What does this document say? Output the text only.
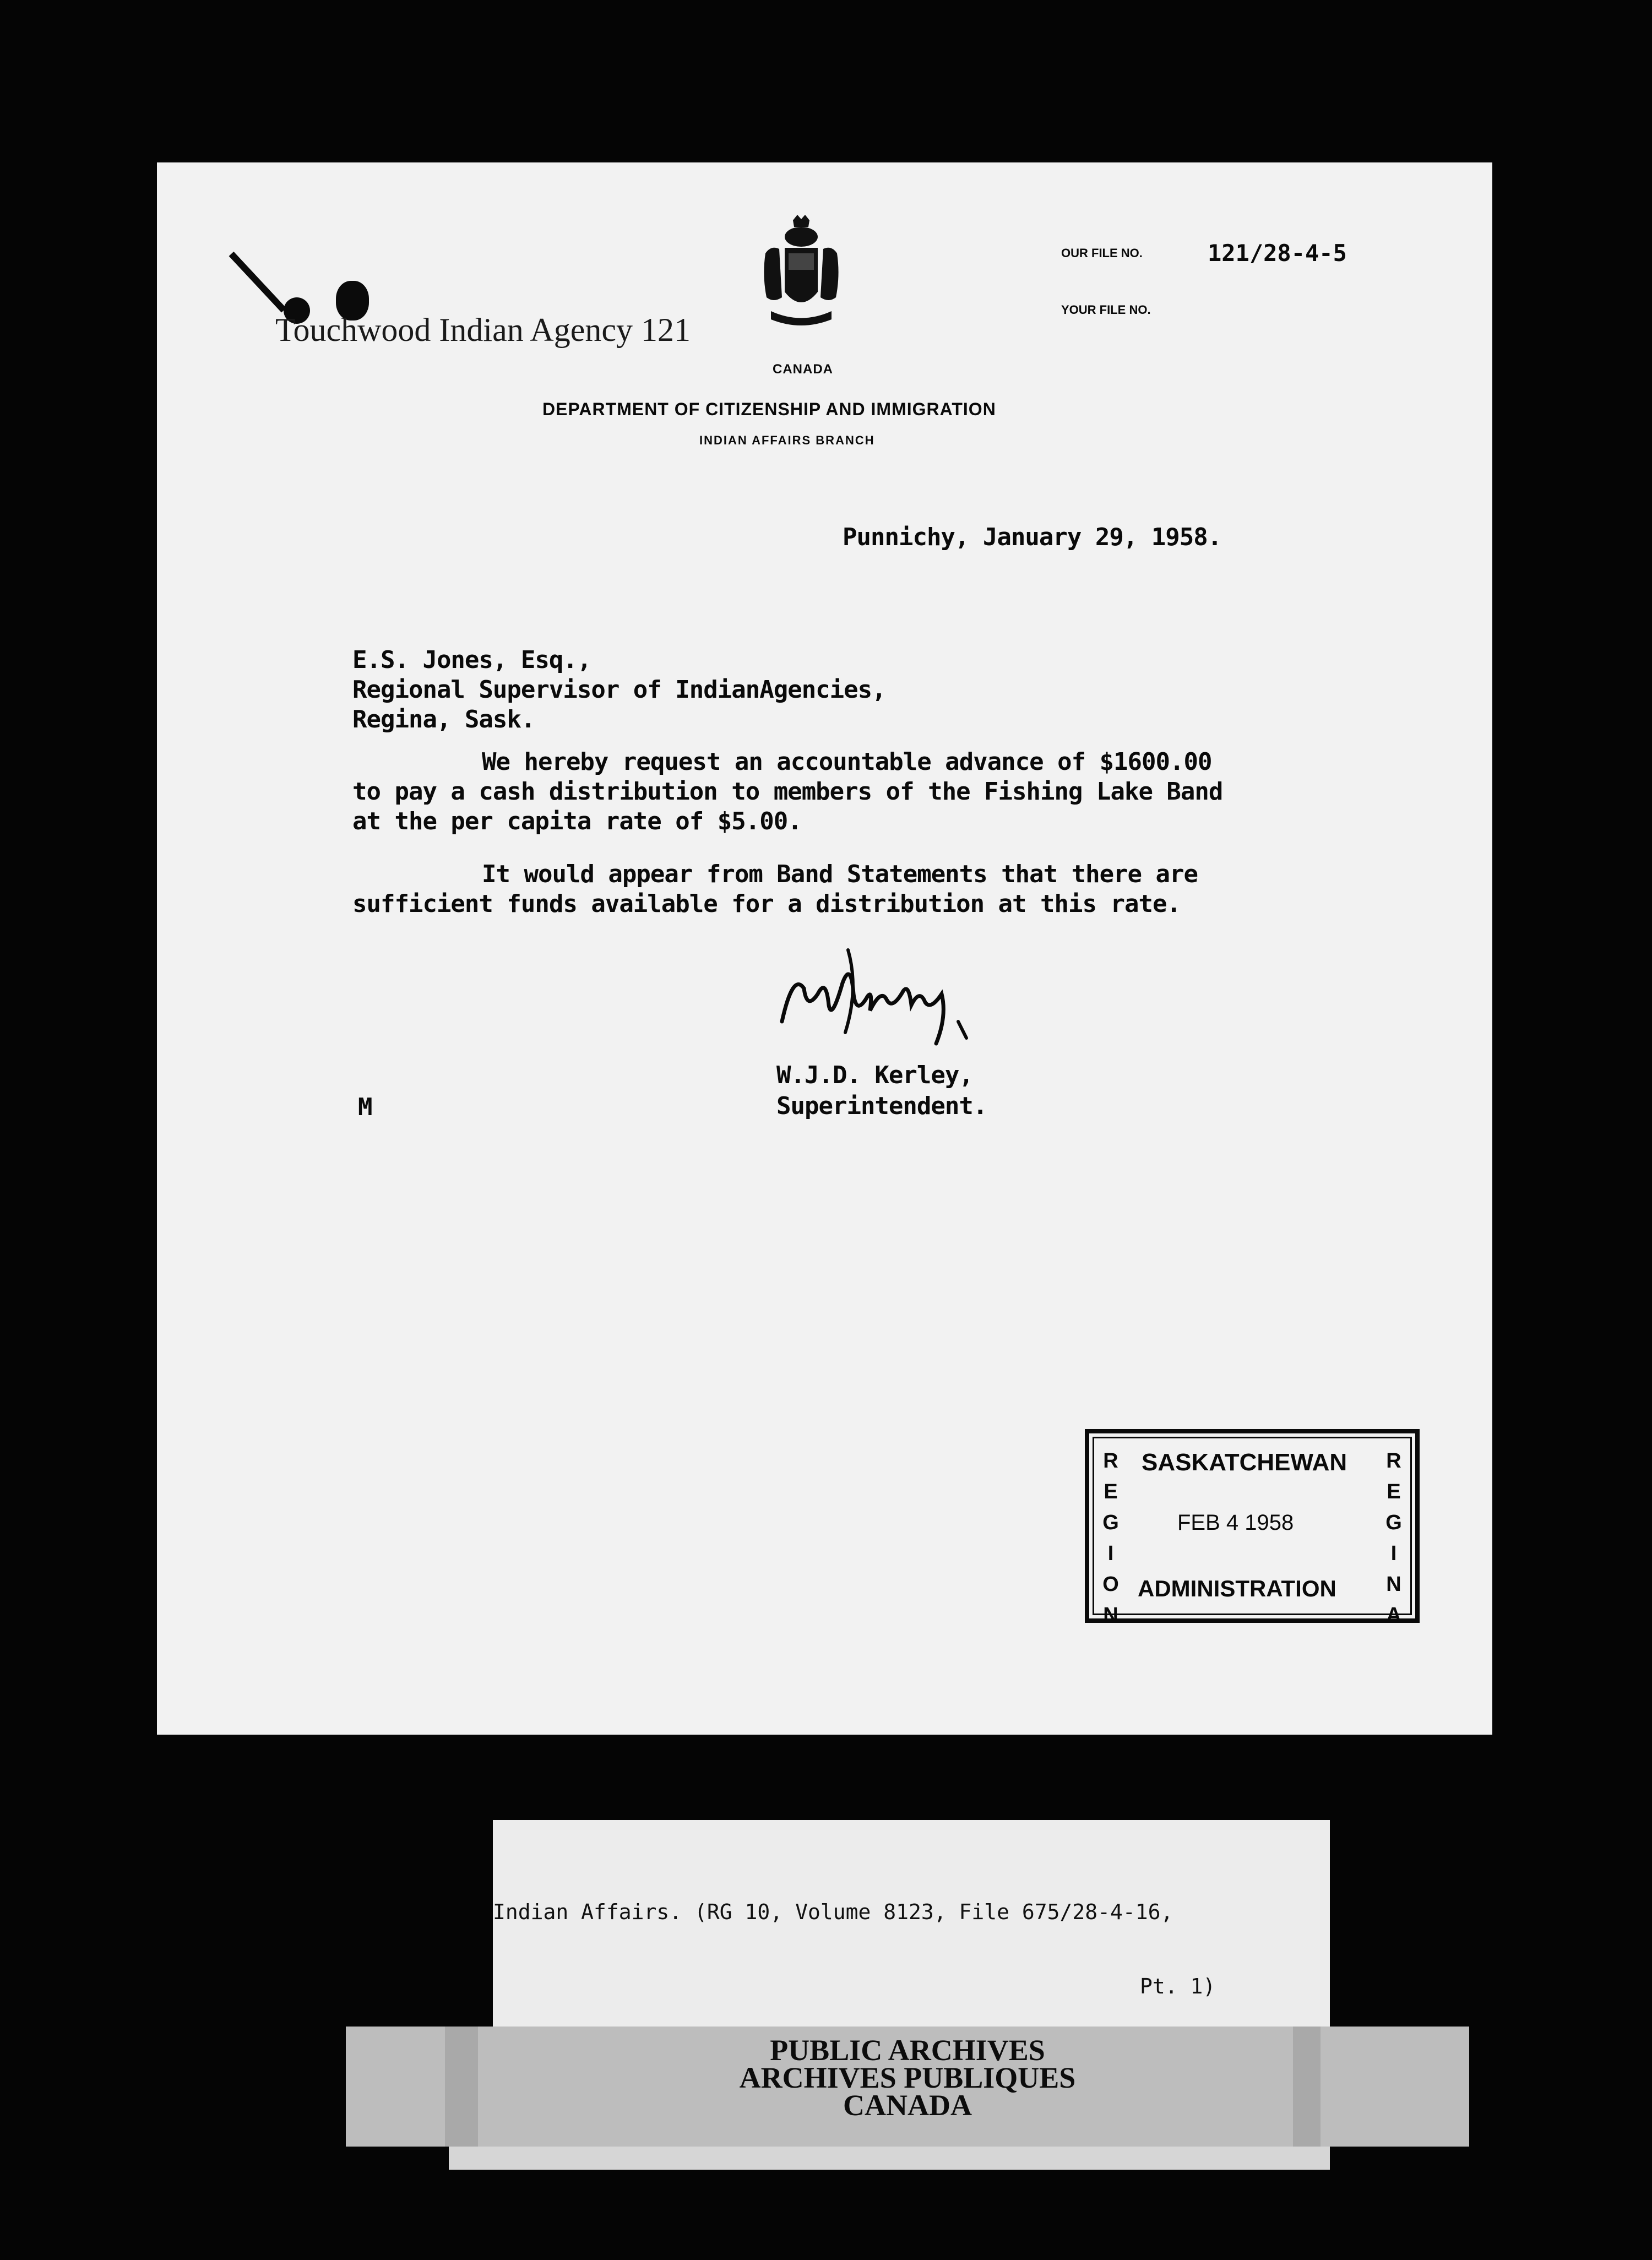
Touchwood Indian Agency 121
CANADA
DEPARTMENT OF CITIZENSHIP AND IMMIGRATION
INDIAN AFFAIRS BRANCH
OUR FILE NO.	121/28-4-5
YOUR FILE NO.
Punnichy, January 29, 1958.
E.S. Jones, Esq.,
Regional Supervisor of IndianAgencies,
Regina, Sask.
We hereby request an accountable advance of $1600.00
to pay a cash distribution to members of the Fishing Lake Band
at the per capita rate of $5.00.
It would appear from Band Statements that there are
sufficient funds available for a distribution at this rate.
W.J.D. Kerley,
Superintendent.
M
R
E
G
I
O
N
R
E
G
I
N
A
SASKATCHEWAN
FEB 4 1958
ADMINISTRATION
Indian Affairs. (RG 10, Volume 8123, File 675/28-4-16,
Pt. 1)
PUBLIC ARCHIVES
ARCHIVES PUBLIQUES
CANADA
